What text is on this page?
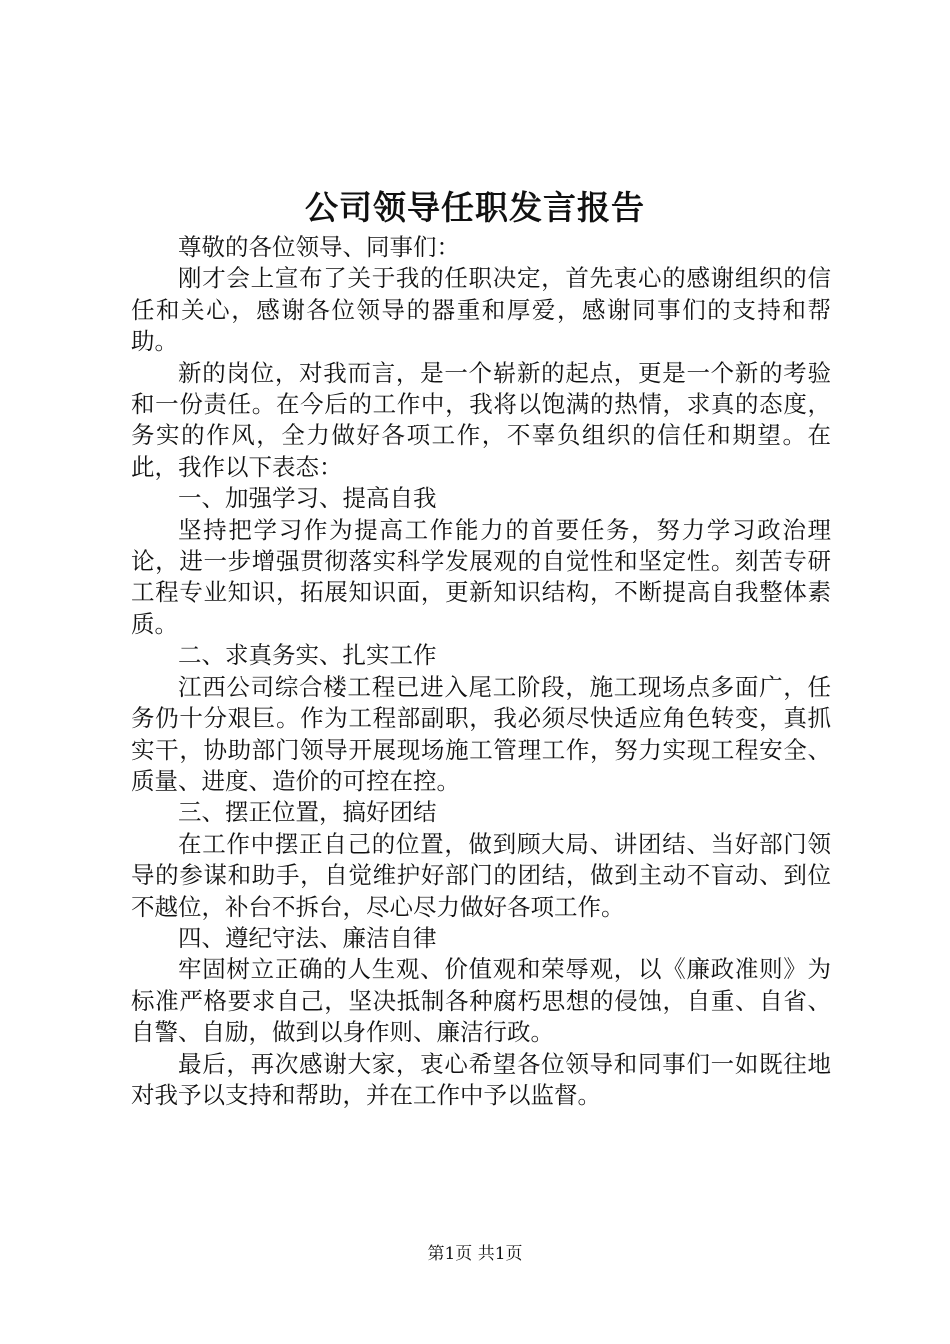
公司领导任职发言报告

尊敬的各位领导、同事们：

刚才会上宣布了关于我的任职决定，首先衷心的感谢组织的信任和关心，感谢各位领导的器重和厚爱，感谢同事们的支持和帮助。

新的岗位，对我而言，是一个崭新的起点，更是一个新的考验和一份责任。在今后的工作中，我将以饱满的热情，求真的态度，务实的作风，全力做好各项工作，不辜负组织的信任和期望。在此，我作以下表态：

一、加强学习、提高自我

坚持把学习作为提高工作能力的首要任务，努力学习政治理论，进一步增强贯彻落实科学发展观的自觉性和坚定性。刻苦专研工程专业知识，拓展知识面，更新知识结构，不断提高自我整体素质。

二、求真务实、扎实工作

江西公司综合楼工程已进入尾工阶段，施工现场点多面广，任务仍十分艰巨。作为工程部副职，我必须尽快适应角色转变，真抓实干，协助部门领导开展现场施工管理工作，努力实现工程安全、质量、进度、造价的可控在控。

三、摆正位置，搞好团结

在工作中摆正自己的位置，做到顾大局、讲团结、当好部门领导的参谋和助手，自觉维护好部门的团结，做到主动不盲动、到位不越位，补台不拆台，尽心尽力做好各项工作。

四、遵纪守法、廉洁自律

牢固树立正确的人生观、价值观和荣辱观，以《廉政准则》为标准严格要求自己，坚决抵制各种腐朽思想的侵蚀，自重、自省、自警、自励，做到以身作则、廉洁行政。

最后，再次感谢大家，衷心希望各位领导和同事们一如既往地对我予以支持和帮助，并在工作中予以监督。

第1页 共1页
